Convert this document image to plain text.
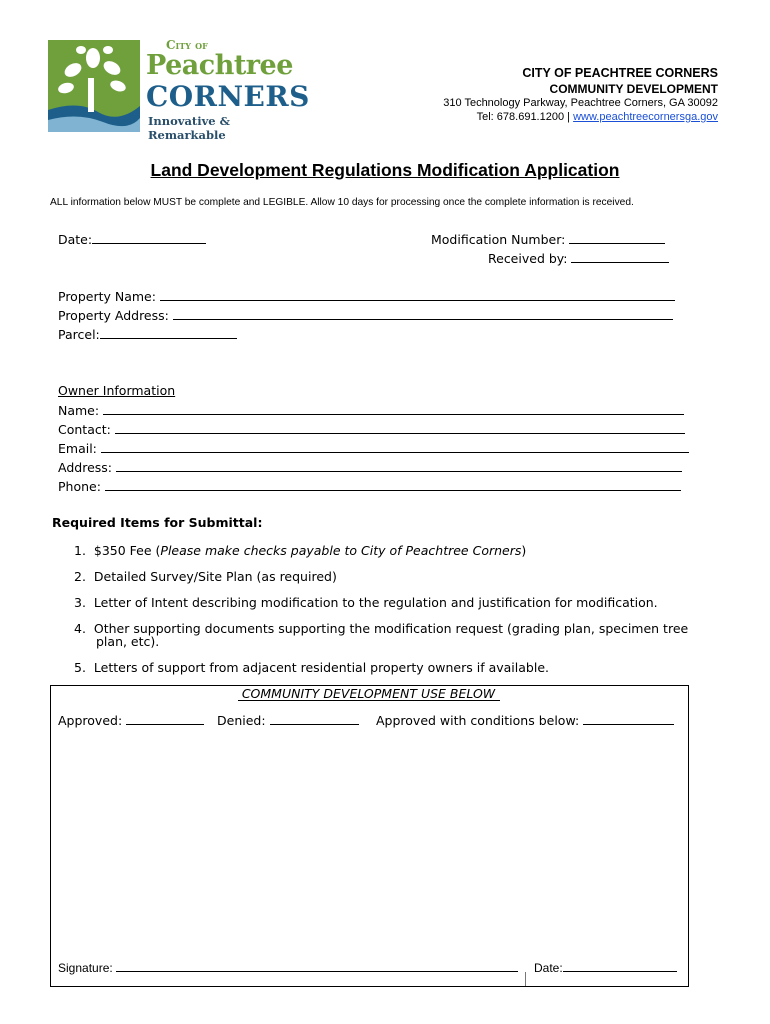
City of
Peachtree
CORNERS
Innovative & Remarkable
CITY OF PEACHTREE CORNERS
COMMUNITY DEVELOPMENT
310 Technology Parkway, Peachtree Corners, GA 30092
Tel: 678.691.1200 | www.peachtreecornersga.gov
Land Development Regulations Modification Application
ALL information below MUST be complete and LEGIBLE. Allow 10 days for processing once the complete information is received.
Date:	Modification Number:
Received by:
Property Name:
Property Address:
Parcel:
Owner Information
Name:
Contact:
Email:
Address:
Phone:
Required Items for Submittal:
1. $350 Fee (Please make checks payable to City of Peachtree Corners)
2. Detailed Survey/Site Plan (as required)
3. Letter of Intent describing modification to the regulation and justification for modification.
4. Other supporting documents supporting the modification request (grading plan, specimen tree
plan, etc).
5. Letters of support from adjacent residential property owners if available.
COMMUNITY DEVELOPMENT USE BELOW
Approved:	Denied:	Approved with conditions below:
Signature:	Date:
